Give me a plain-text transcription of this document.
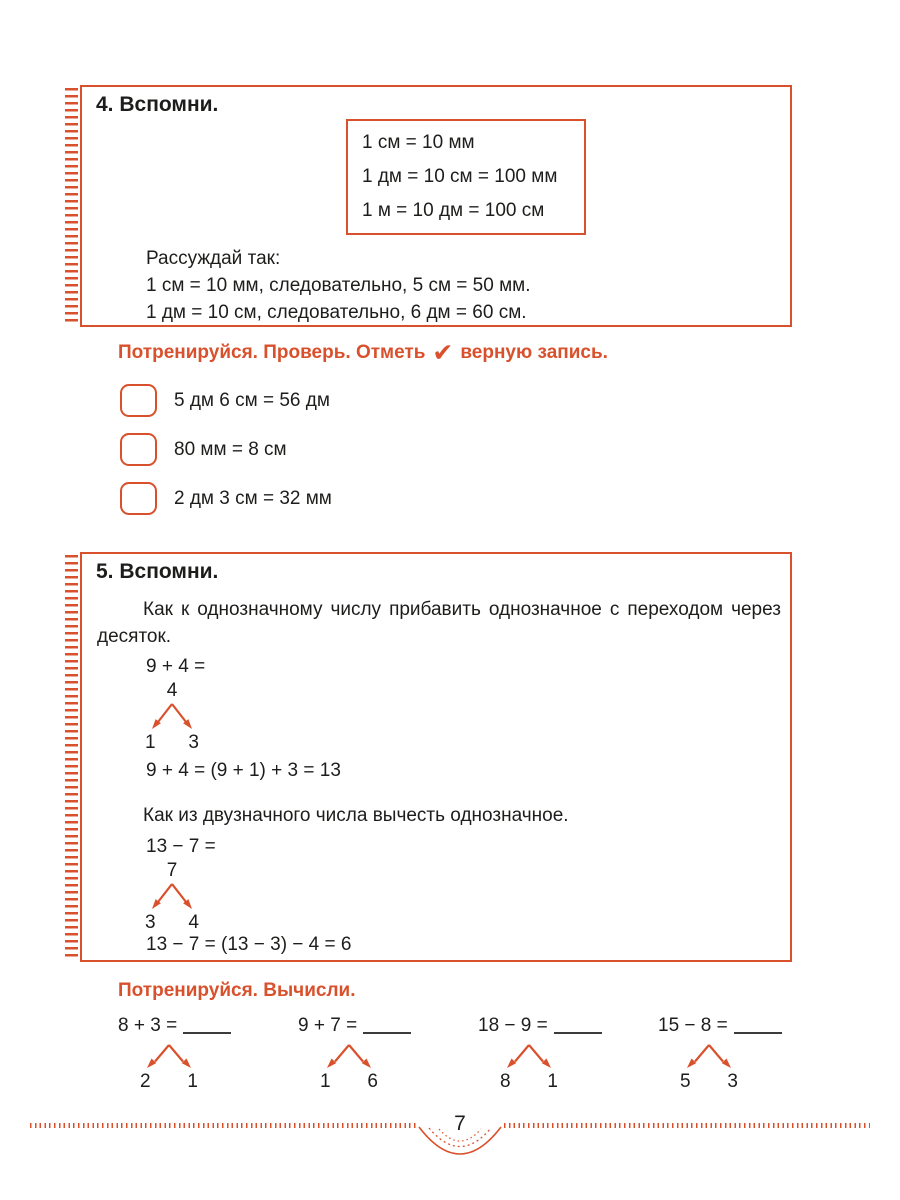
4. Вспомни.
1 см = 10 мм
1 дм = 10 см = 100 мм
1 м = 10 дм = 100 см
Рассуждай так:
1 см = 10 мм, следовательно, 5 см = 50 мм.
1 дм = 10 см, следовательно, 6 дм = 60 см.
Потренируйся. Проверь. Отметь ✔ верную запись.
5 дм 6 см = 56 дм
80 мм = 8 см
2 дм 3 см = 32 мм
5. Вспомни.

Как к однозначному числу прибавить однозначное с переходом через десяток.

9 + 4 =
4
1 3
9 + 4 = (9 + 1) + 3 = 13

Как из двузначного числа вычесть однозначное.

13 − 7 =
7
3 4
13 − 7 = (13 − 3) − 4 = 6
Потренируйся. Вычисли.
8 + 3 =
2 1
9 + 7 =
1 6
18 − 9 =
8 1
15 − 8 =
5 3
7
